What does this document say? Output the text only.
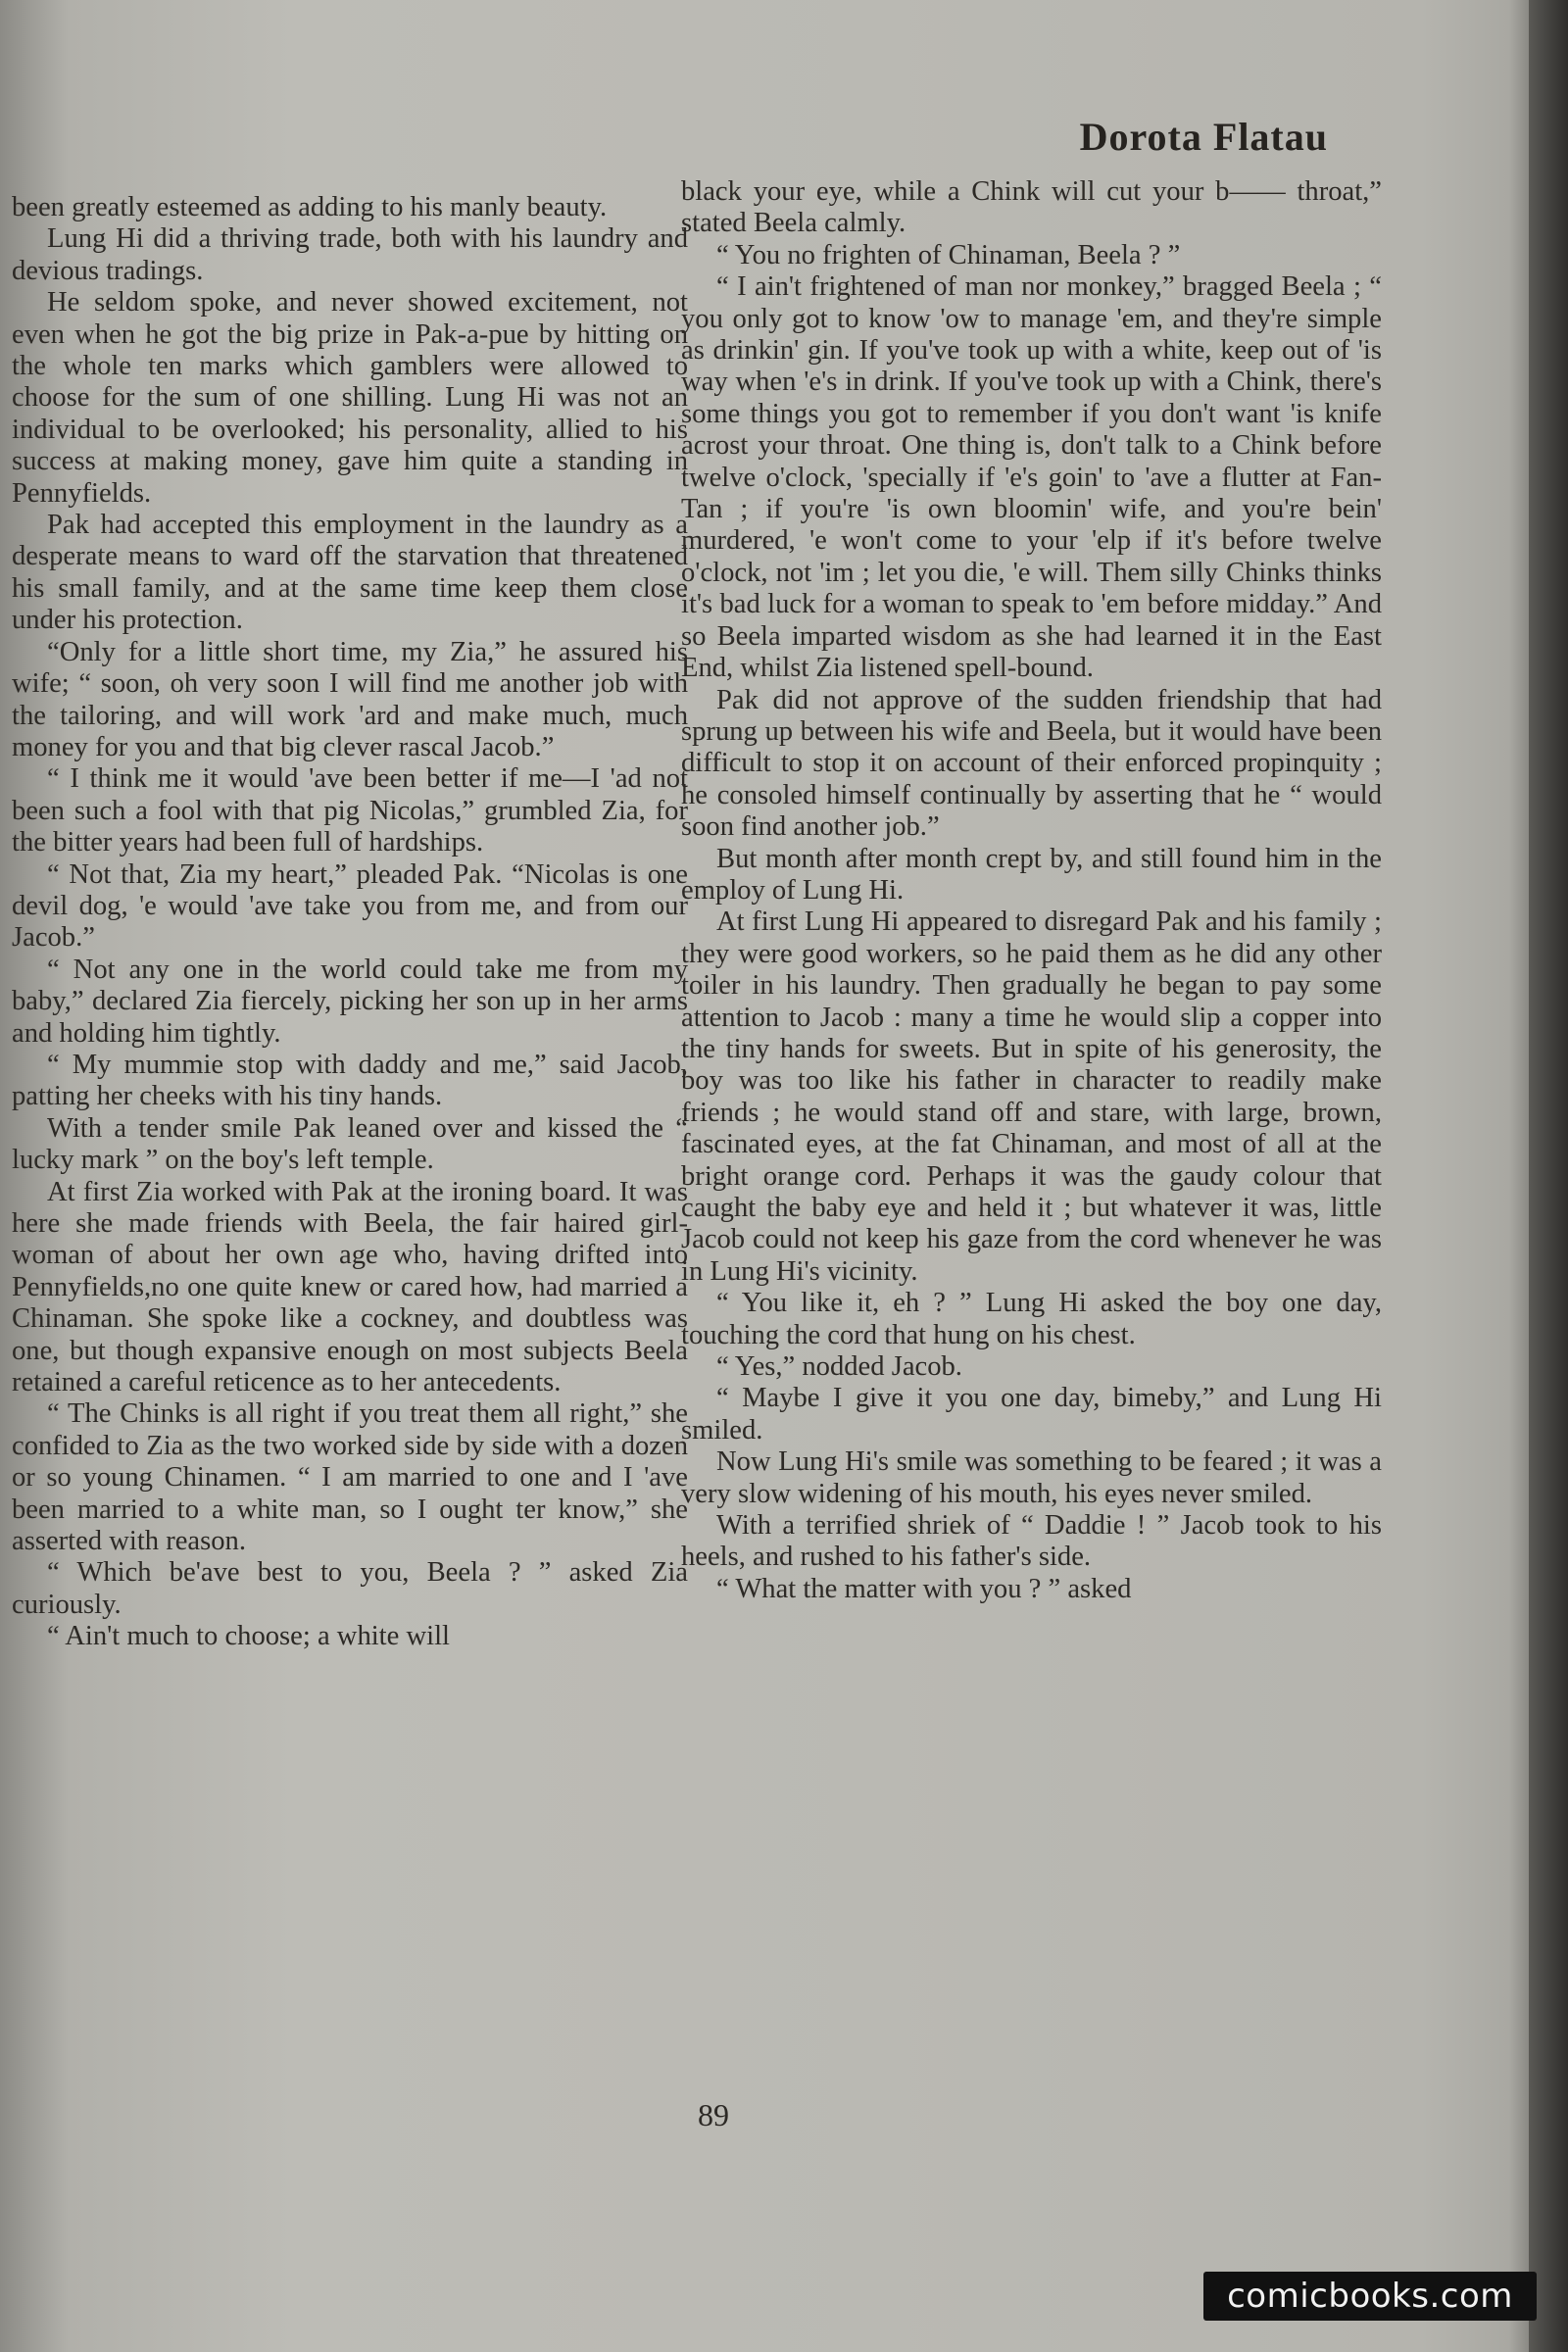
Dorota Flatau

been greatly esteemed as adding to his manly beauty.

Lung Hi did a thriving trade, both with his laundry and devious tradings.

He seldom spoke, and never showed excitement, not even when he got the big prize in Pak-a-pue by hitting on the whole ten marks which gamblers were allowed to choose for the sum of one shilling. Lung Hi was not an individual to be overlooked; his personality, allied to his success at making money, gave him quite a standing in Pennyfields.

Pak had accepted this employment in the laundry as a desperate means to ward off the starvation that threatened his small family, and at the same time keep them close under his protection.

“Only for a little short time, my Zia,” he assured his wife; “ soon, oh very soon I will find me another job with the tailoring, and will work 'ard and make much, much money for you and that big clever rascal Jacob.”

“ I think me it would 'ave been better if me—I 'ad not been such a fool with that pig Nicolas,” grumbled Zia, for the bitter years had been full of hardships.

“ Not that, Zia my heart,” pleaded Pak. “Nicolas is one devil dog, 'e would 'ave take you from me, and from our Jacob.”

“ Not any one in the world could take me from my baby,” declared Zia fiercely, picking her son up in her arms and holding him tightly.

“ My mummie stop with daddy and me,” said Jacob, patting her cheeks with his tiny hands.

With a tender smile Pak leaned over and kissed the “ lucky mark ” on the boy's left temple.

At first Zia worked with Pak at the ironing board. It was here she made friends with Beela, the fair haired girl-woman of about her own age who, having drifted into Pennyfields,no one quite knew or cared how, had married a Chinaman. She spoke like a cockney, and doubtless was one, but though expansive enough on most subjects Beela retained a careful reticence as to her antecedents.

“ The Chinks is all right if you treat them all right,” she confided to Zia as the two worked side by side with a dozen or so young Chinamen. “ I am married to one and I 'ave been married to a white man, so I ought ter know,” she asserted with reason.

“ Which be'ave best to you, Beela ? ” asked Zia curiously.

“ Ain't much to choose; a white will

black your eye, while a Chink will cut your b—— throat,” stated Beela calmly.

“ You no frighten of Chinaman, Beela ? ”

“ I ain't frightened of man nor monkey,” bragged Beela ; “ you only got to know 'ow to manage 'em, and they're simple as drinkin' gin. If you've took up with a white, keep out of 'is way when 'e's in drink. If you've took up with a Chink, there's some things you got to remember if you don't want 'is knife acrost your throat. One thing is, don't talk to a Chink before twelve o'clock, 'specially if 'e's goin' to 'ave a flutter at Fan-Tan ; if you're 'is own bloomin' wife, and you're bein' murdered, 'e won't come to your 'elp if it's before twelve o'clock, not 'im ; let you die, 'e will. Them silly Chinks thinks it's bad luck for a woman to speak to 'em before midday.” And so Beela imparted wisdom as she had learned it in the East End, whilst Zia listened spell-bound.

Pak did not approve of the sudden friendship that had sprung up between his wife and Beela, but it would have been difficult to stop it on account of their enforced propinquity ; he consoled himself continually by asserting that he “ would soon find another job.”

But month after month crept by, and still found him in the employ of Lung Hi.

At first Lung Hi appeared to disregard Pak and his family ; they were good workers, so he paid them as he did any other toiler in his laundry. Then gradually he began to pay some attention to Jacob : many a time he would slip a copper into the tiny hands for sweets. But in spite of his generosity, the boy was too like his father in character to readily make friends ; he would stand off and stare, with large, brown, fascinated eyes, at the fat Chinaman, and most of all at the bright orange cord. Perhaps it was the gaudy colour that caught the baby eye and held it ; but whatever it was, little Jacob could not keep his gaze from the cord whenever he was in Lung Hi's vicinity.

“ You like it, eh ? ” Lung Hi asked the boy one day, touching the cord that hung on his chest.

“ Yes,” nodded Jacob.

“ Maybe I give it you one day, bimeby,” and Lung Hi smiled.

Now Lung Hi's smile was something to be feared ; it was a very slow widening of his mouth, his eyes never smiled.

With a terrified shriek of “ Daddie ! ” Jacob took to his heels, and rushed to his father's side.

“ What the matter with you ? ” asked

89
comicbooks.com
